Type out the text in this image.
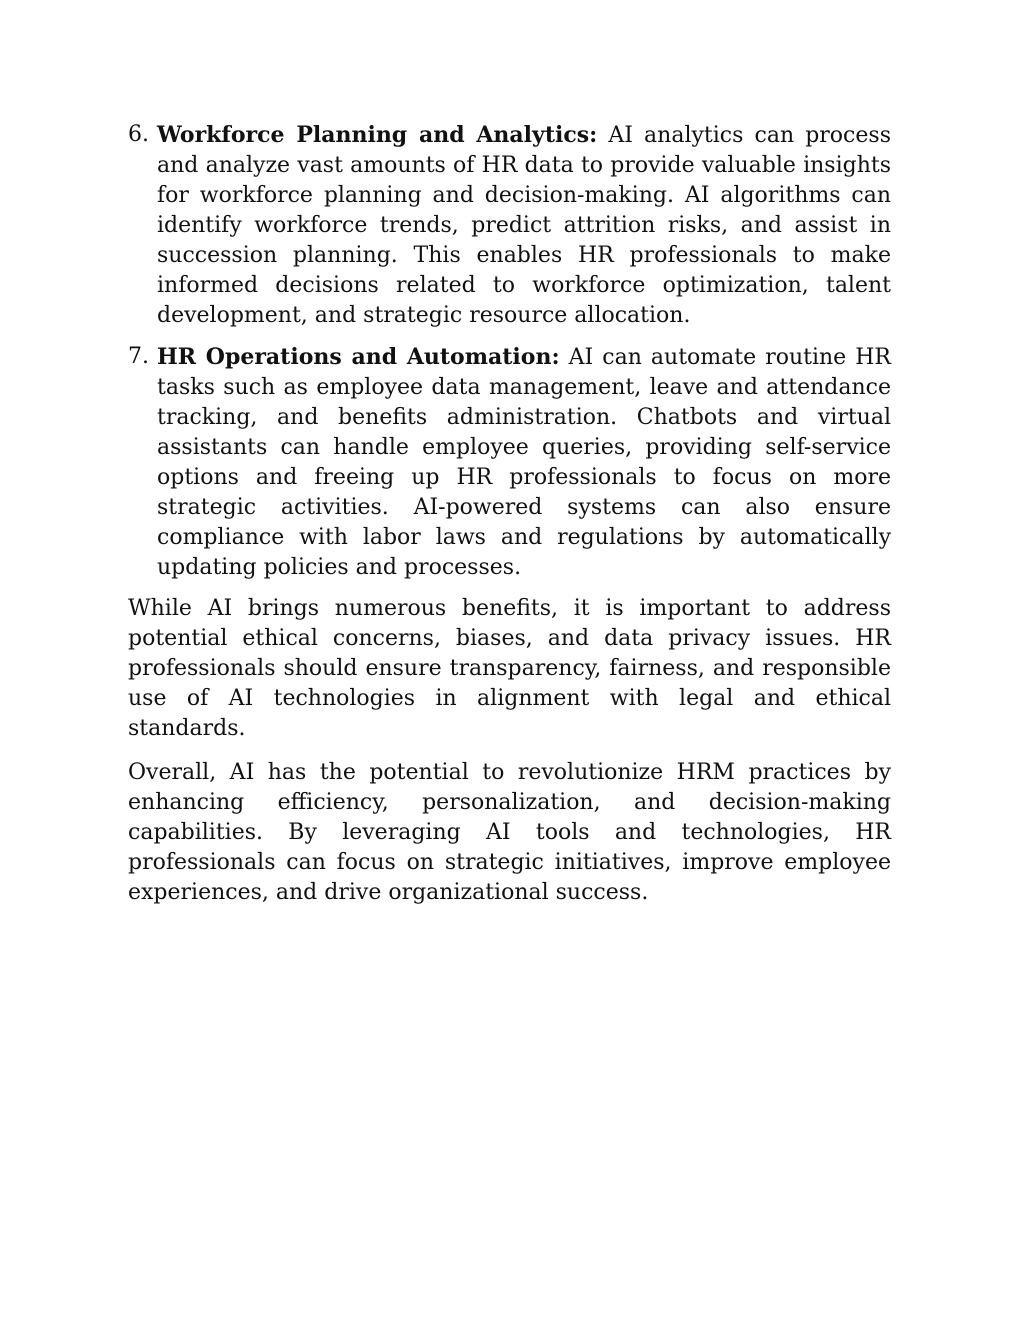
6. Workforce Planning and Analytics: AI analytics can process and analyze vast amounts of HR data to provide valuable insights for workforce planning and decision-making. AI algorithms can identify workforce trends, predict attrition risks, and assist in succession planning. This enables HR professionals to make informed decisions related to workforce optimization, talent development, and strategic resource allocation.
7. HR Operations and Automation: AI can automate routine HR tasks such as employee data management, leave and attendance tracking, and benefits administration. Chatbots and virtual assistants can handle employee queries, providing self-service options and freeing up HR professionals to focus on more strategic activities. AI-powered systems can also ensure compliance with labor laws and regulations by automatically updating policies and processes.

While AI brings numerous benefits, it is important to address potential ethical concerns, biases, and data privacy issues. HR professionals should ensure transparency, fairness, and responsible use of AI technologies in alignment with legal and ethical standards.

Overall, AI has the potential to revolutionize HRM practices by enhancing efficiency, personalization, and decision-making capabilities. By leveraging AI tools and technologies, HR professionals can focus on strategic initiatives, improve employee experiences, and drive organizational success.
